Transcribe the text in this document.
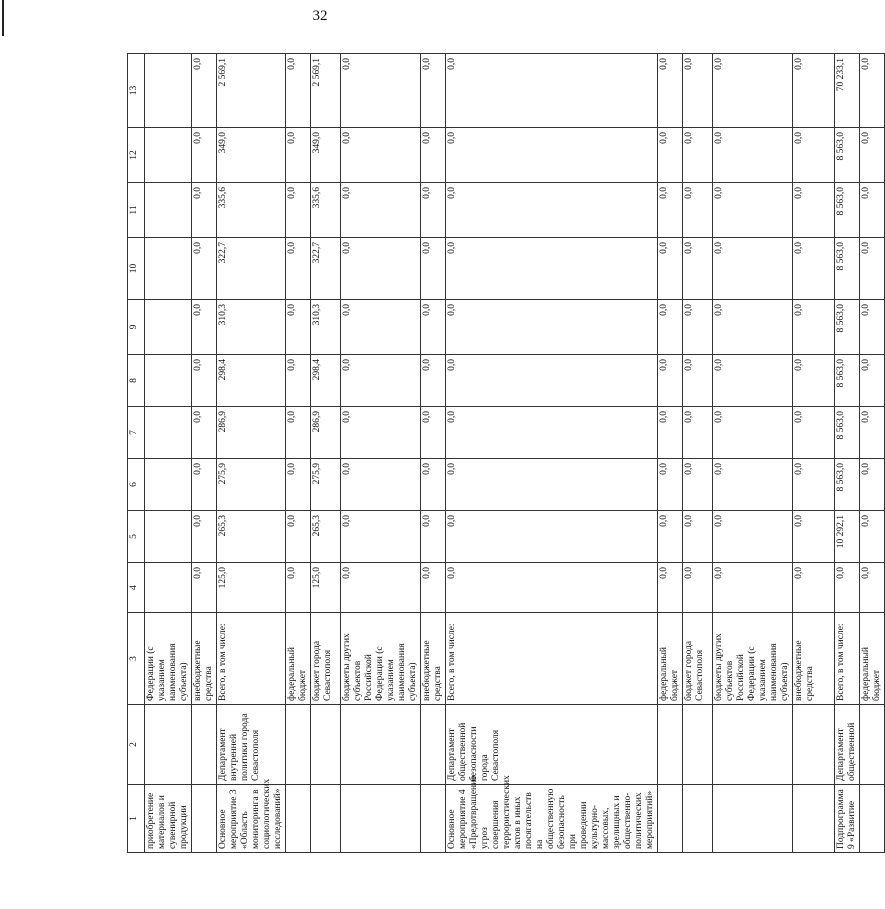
32
1	2	3	4	5	6	7	8	9	10	11	12	13
приобретение материалов и сувенирной продукции		Федерации (с указанием наименования субъекта)										
		внебюджетные средства	0,0	0,0	0,0	0,0	0,0	0,0	0,0	0,0	0,0	0,0
Основное мероприятие 3 «Область мониторинга в социологических исследований»	Департамент внутренней политики города Севастополя	Всего, в том числе:	125,0	265,3	275,9	286,9	298,4	310,3	322,7	335,6	349,0	2 569,1
		федеральный бюджет	0,0	0,0	0,0	0,0	0,0	0,0	0,0	0,0	0,0	0,0
		бюджет города Севастополя	125,0	265,3	275,9	286,9	298,4	310,3	322,7	335,6	349,0	2 569,1
		бюджеты других субъектов Российской Федерации (с указанием наименования субъекта)	0,0	0,0	0,0	0,0	0,0	0,0	0,0	0,0	0,0	0,0
		внебюджетные средства	0,0	0,0	0,0	0,0	0,0	0,0	0,0	0,0	0,0	0,0
Основное мероприятие 4 «Предотвращение угроз совершения террористических актов в иных посягательств на общественную безопасность при проведении культурно-массовых, зрелищных и общественно-политических мероприятий»	Департамент общественной безопасности города Севастополя	Всего, в том числе:	0,0	0,0	0,0	0,0	0,0	0,0	0,0	0,0	0,0	0,0
		федеральный бюджет	0,0	0,0	0,0	0,0	0,0	0,0	0,0	0,0	0,0	0,0
		бюджет города Севастополя	0,0	0,0	0,0	0,0	0,0	0,0	0,0	0,0	0,0	0,0
		бюджеты других субъектов Российской Федерации (с указанием наименования субъекта)	0,0	0,0	0,0	0,0	0,0	0,0	0,0	0,0	0,0	0,0
		внебюджетные средства	0,0	0,0	0,0	0,0	0,0	0,0	0,0	0,0	0,0	0,0
Подпрограмма 9 «Развитие	Департамент общественной	Всего, в том числе:	0,0	10 292,1	8 563,0	8 563,0	8 563,0	8 563,0	8 563,0	8 563,0	8 563,0	70 233,1
		федеральный бюджет	0,0	0,0	0,0	0,0	0,0	0,0	0,0	0,0	0,0	0,0
